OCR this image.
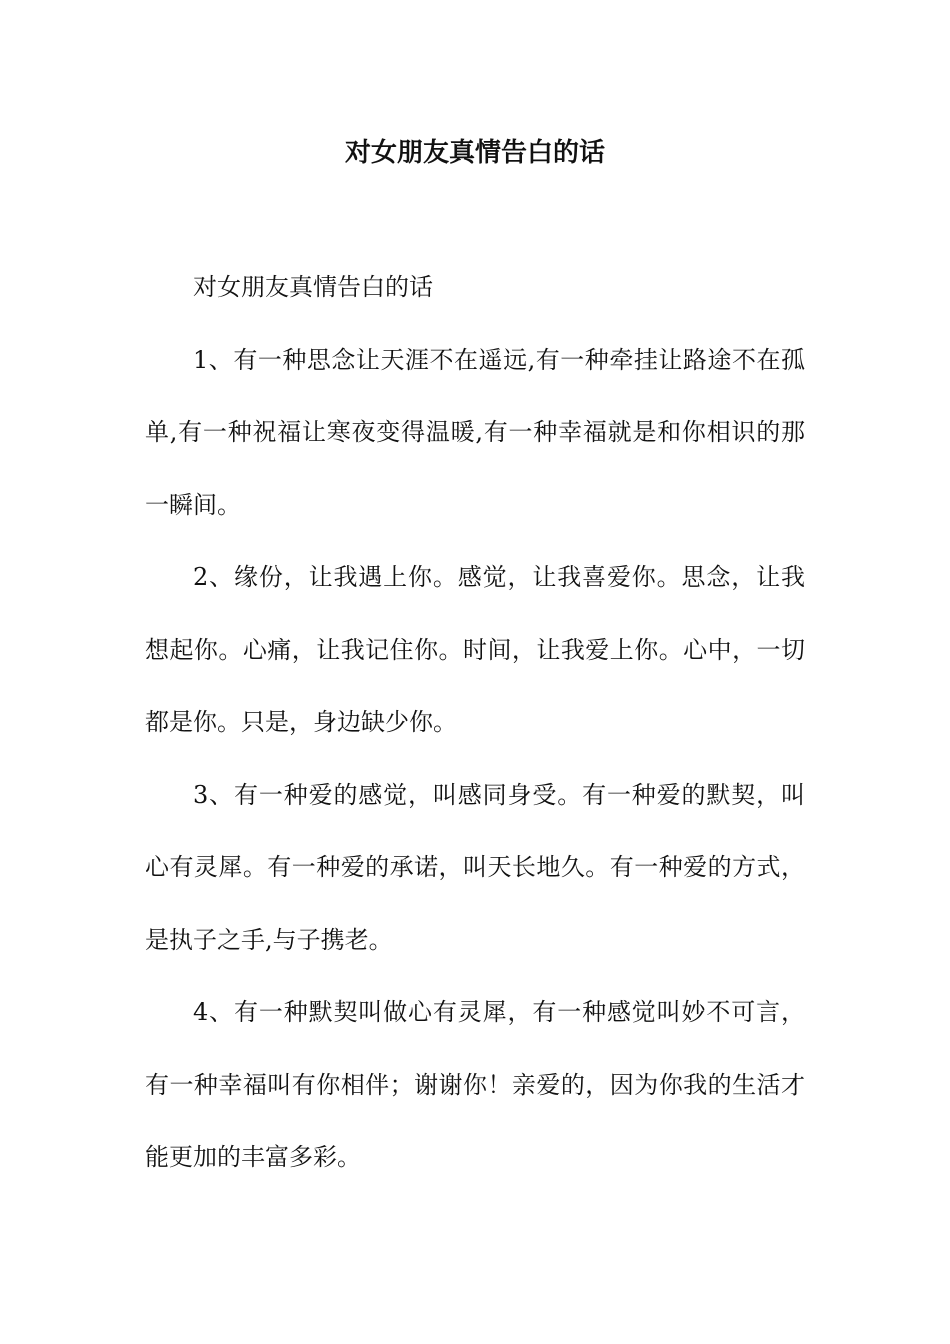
对女朋友真情告白的话

对女朋友真情告白的话

1、有一种思念让天涯不在遥远,有一种牵挂让路途不在孤单,有一种祝福让寒夜变得温暖,有一种幸福就是和你相识的那一瞬间。

2、缘份，让我遇上你。感觉，让我喜爱你。思念，让我想起你。心痛，让我记住你。时间，让我爱上你。心中，一切都是你。只是，身边缺少你。

3、有一种爱的感觉，叫感同身受。有一种爱的默契，叫心有灵犀。有一种爱的承诺，叫天长地久。有一种爱的方式，是执子之手,与子携老。

4、有一种默契叫做心有灵犀，有一种感觉叫妙不可言，有一种幸福叫有你相伴；谢谢你！亲爱的，因为你我的生活才能更加的丰富多彩。
